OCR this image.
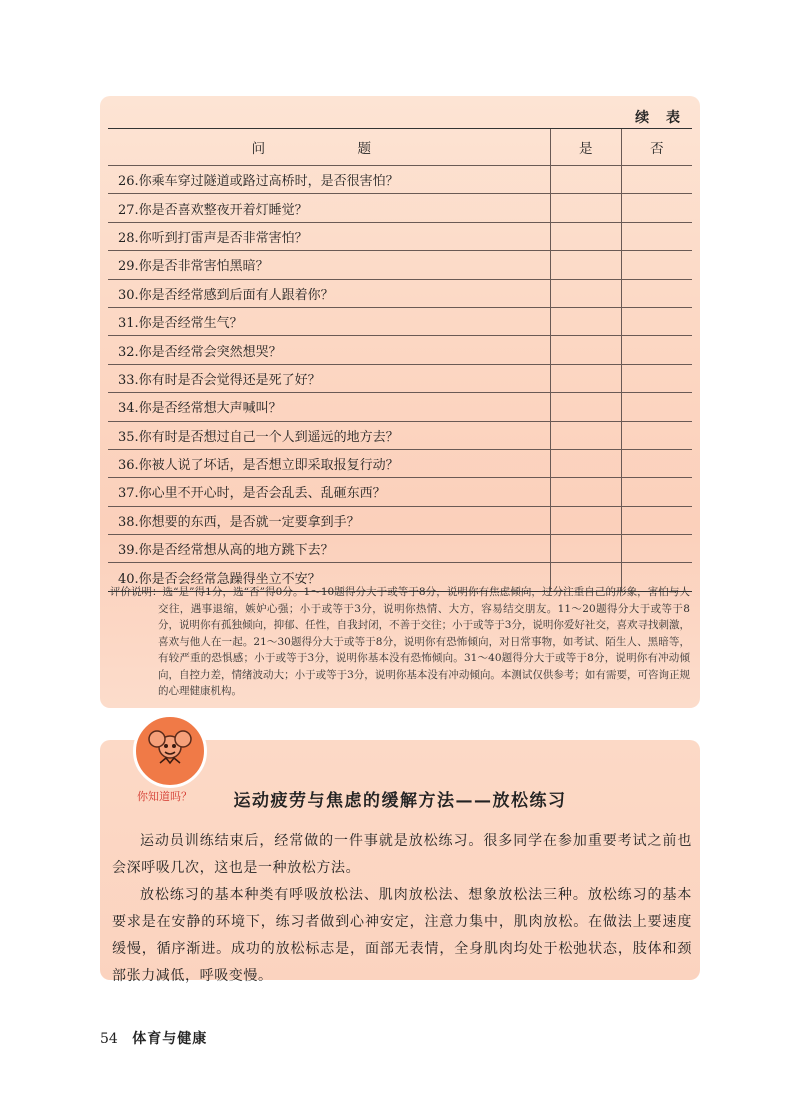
续 表
问 题	是	否
26.你乘车穿过隧道或路过高桥时，是否很害怕？		
27.你是否喜欢整夜开着灯睡觉？		
28.你听到打雷声是否非常害怕？		
29.你是否非常害怕黑暗？		
30.你是否经常感到后面有人跟着你？		
31.你是否经常生气？		
32.你是否经常会突然想哭？		
33.你有时是否会觉得还是死了好？		
34.你是否经常想大声喊叫？		
35.你有时是否想过自己一个人到遥远的地方去？		
36.你被人说了坏话，是否想立即采取报复行动？		
37.你心里不开心时，是否会乱丢、乱砸东西？		
38.你想要的东西，是否就一定要拿到手？		
39.你是否经常想从高的地方跳下去？		
40.你是否会经常急躁得坐立不安？		
评价说明： 选“是”得1分，选“否”得0分。1～10题得分大于或等于8分，说明你有焦虑倾向，过分注重自己的形象，害怕与人交往，遇事退缩，嫉妒心强；小于或等于3分，说明你热情、大方，容易结交朋友。11～20题得分大于或等于8分，说明你有孤独倾向，抑郁、任性，自我封闭，不善于交往；小于或等于3分，说明你爱好社交，喜欢寻找刺激，喜欢与他人在一起。21～30题得分大于或等于8分，说明你有恐怖倾向，对日常事物，如考试、陌生人、黑暗等，有较严重的恐惧感；小于或等于3分，说明你基本没有恐怖倾向。31～40题得分大于或等于8分，说明你有冲动倾向，自控力差，情绪波动大；小于或等于3分，说明你基本没有冲动倾向。本测试仅供参考；如有需要，可咨询正规的心理健康机构。
你知道吗？	运动疲劳与焦虑的缓解方法——放松练习

运动员训练结束后，经常做的一件事就是放松练习。很多同学在参加重要考试之前也会深呼吸几次，这也是一种放松方法。

放松练习的基本种类有呼吸放松法、肌肉放松法、想象放松法三种。放松练习的基本要求是在安静的环境下，练习者做到心神安定，注意力集中，肌肉放松。在做法上要速度缓慢，循序渐进。成功的放松标志是，面部无表情，全身肌肉均处于松弛状态，肢体和颈部张力减低，呼吸变慢。

54 体育与健康
